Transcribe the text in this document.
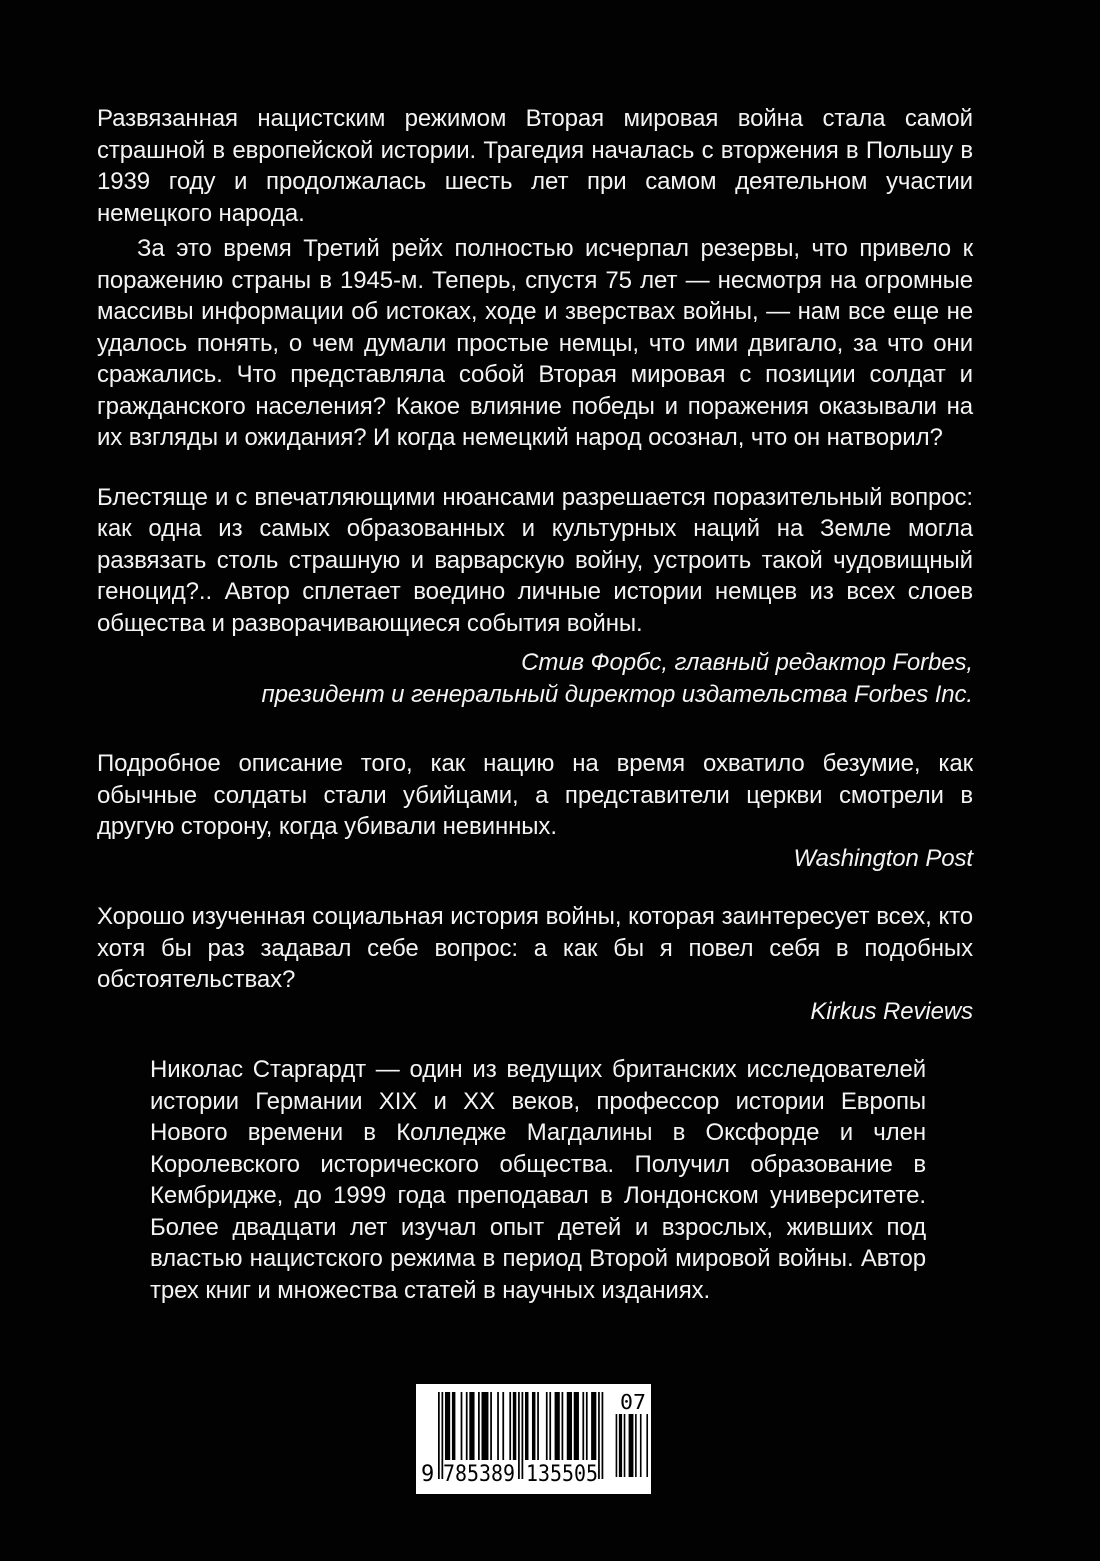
Развязанная нацистским режимом Вторая мировая война стала самой страшной в европейской истории. Трагедия началась с вторжения в Польшу в 1939 году и продолжалась шесть лет при самом деятельном участии немецкого народа.

За это время Третий рейх полностью исчерпал резервы, что привело к поражению страны в 1945-м. Теперь, спустя 75 лет — несмотря на огромные массивы информации об истоках, ходе и зверствах войны, — нам все еще не удалось понять, о чем думали простые немцы, что ими двигало, за что они сражались. Что представляла собой Вторая мировая с позиции солдат и гражданского населения? Какое влияние победы и поражения оказывали на их взгляды и ожидания? И когда немецкий народ осознал, что он натворил?

Блестяще и с впечатляющими нюансами разрешается поразительный вопрос: как одна из самых образованных и культурных наций на Земле могла развязать столь страшную и варварскую войну, устроить такой чудовищный геноцид?.. Автор сплетает воедино личные истории немцев из всех слоев общества и разворачивающиеся события войны.

Стив Форбс, главный редактор Forbes,
президент и генеральный директор издательства Forbes Inc.

Подробное описание того, как нацию на время охватило безумие, как обычные солдаты стали убийцами, а представители церкви смотрели в другую сторону, когда убивали невинных.

Washington Post

Хорошо изученная социальная история войны, которая заинтересует всех, кто хотя бы раз задавал себе вопрос: а как бы я повел себя в подобных обстоятельствах?

Kirkus Reviews

Николас Старгардт — один из ведущих британских исследователей истории Германии XIX и XX веков, профессор истории Европы Нового времени в Колледже Магдалины в Оксфорде и член Королевского исторического общества. Получил образование в Кембридже, до 1999 года преподавал в Лондонском университете. Более двадцати лет изучал опыт детей и взрослых, живших под властью нацистского режима в период Второй мировой войны. Автор трех книг и множества статей в научных изданиях.

9 785389 135505
07
